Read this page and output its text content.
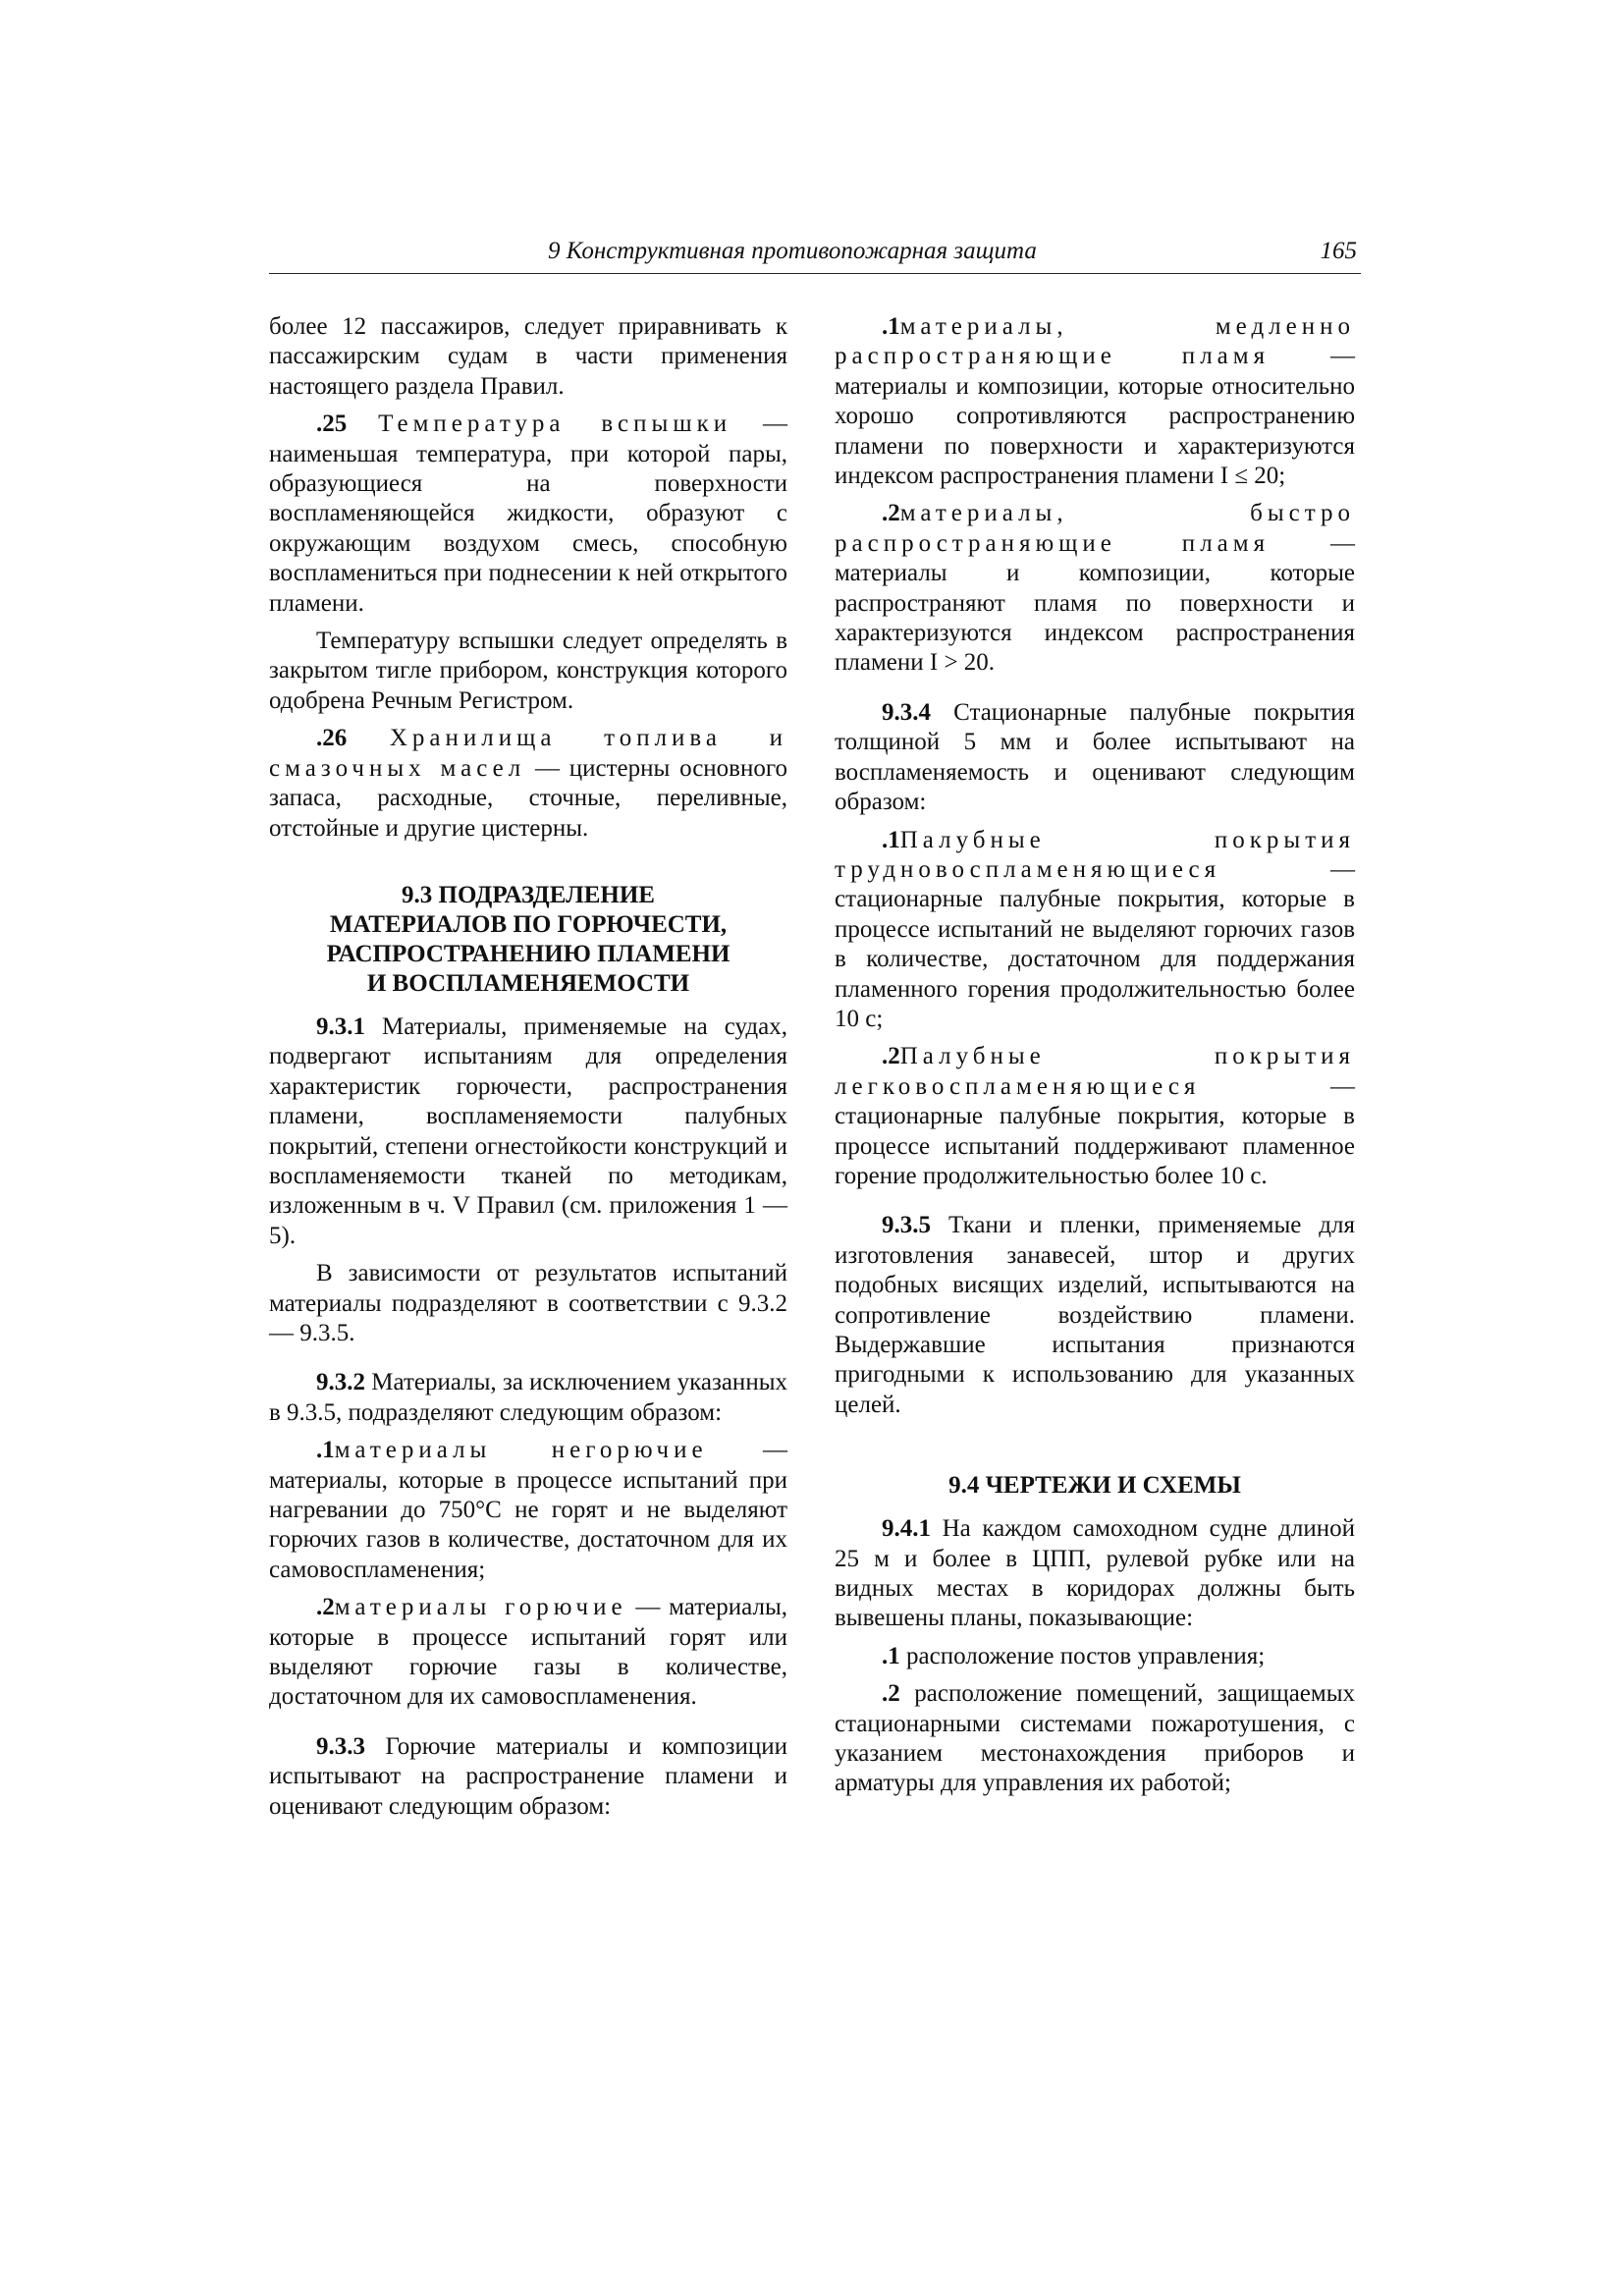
9 Конструктивная противопожарная защита	165

более 12 пассажиров, следует приравнивать к пассажирским судам в части применения настоящего раздела Правил.

.25 Температура вспышки — наименьшая температура, при которой пары, образующиеся на поверхности воспламеняющейся жидкости, образуют с окружающим воздухом смесь, способную воспламениться при поднесении к ней открытого пламени.

Температуру вспышки следует определять в закрытом тигле прибором, конструкция которого одобрена Речным Регистром.

.26 Хранилища топлива и смазочных масел — цистерны основного запаса, расходные, сточные, переливные, отстойные и другие цистерны.

9.3 ПОДРАЗДЕЛЕНИЕ
МАТЕРИАЛОВ ПО ГОРЮЧЕСТИ,
РАСПРОСТРАНЕНИЮ ПЛАМЕНИ
И ВОСПЛАМЕНЯЕМОСТИ

9.3.1 Материалы, применяемые на судах, подвергают испытаниям для определения характеристик горючести, распространения пламени, воспламеняемости палубных покрытий, степени огнестойкости конструкций и воспламеняемости тканей по методикам, изложенным в ч. V Правил (см. приложения 1 — 5).

В зависимости от результатов испытаний материалы подразделяют в соответствии с 9.3.2 — 9.3.5.

9.3.2 Материалы, за исключением указанных в 9.3.5, подразделяют следующим образом:

.1материалы негорючие — материалы, которые в процессе испытаний при нагревании до 750°С не горят и не выделяют горючих газов в количестве, достаточном для их самовоспламенения;

.2материалы горючие — материалы, которые в процессе испытаний горят или выделяют горючие газы в количестве, достаточном для их самовоспламенения.

9.3.3 Горючие материалы и композиции испытывают на распространение пламени и оценивают следующим образом:

.1материалы, медленно распространяющие пламя — материалы и композиции, которые относительно хорошо сопротивляются распространению пламени по поверхности и характеризуются индексом распространения пламени I ≤ 20;

.2материалы, быстро распространяющие пламя — материалы и композиции, которые распространяют пламя по поверхности и характеризуются индексом распространения пламени I > 20.

9.3.4 Стационарные палубные покрытия толщиной 5 мм и более испытывают на воспламеняемость и оценивают следующим образом:

.1Палубные покрытия трудновоспламеняющиеся — стационарные палубные покрытия, которые в процессе испытаний не выделяют горючих газов в количестве, достаточном для поддержания пламенного горения продолжительностью более 10 с;

.2Палубные покрытия легковоспламеняющиеся — стационарные палубные покрытия, которые в процессе испытаний поддерживают пламенное горение продолжительностью более 10 с.

9.3.5 Ткани и пленки, применяемые для изготовления занавесей, штор и других подобных висящих изделий, испытываются на сопротивление воздействию пламени. Выдержавшие испытания признаются пригодными к использованию для указанных целей.

9.4 ЧЕРТЕЖИ И СХЕМЫ

9.4.1 На каждом самоходном судне длиной 25 м и более в ЦПП, рулевой рубке или на видных местах в коридорах должны быть вывешены планы, показывающие:

.1 расположение постов управления;

.2 расположение помещений, защищаемых стационарными системами пожаротушения, с указанием местонахождения приборов и арматуры для управления их работой;
